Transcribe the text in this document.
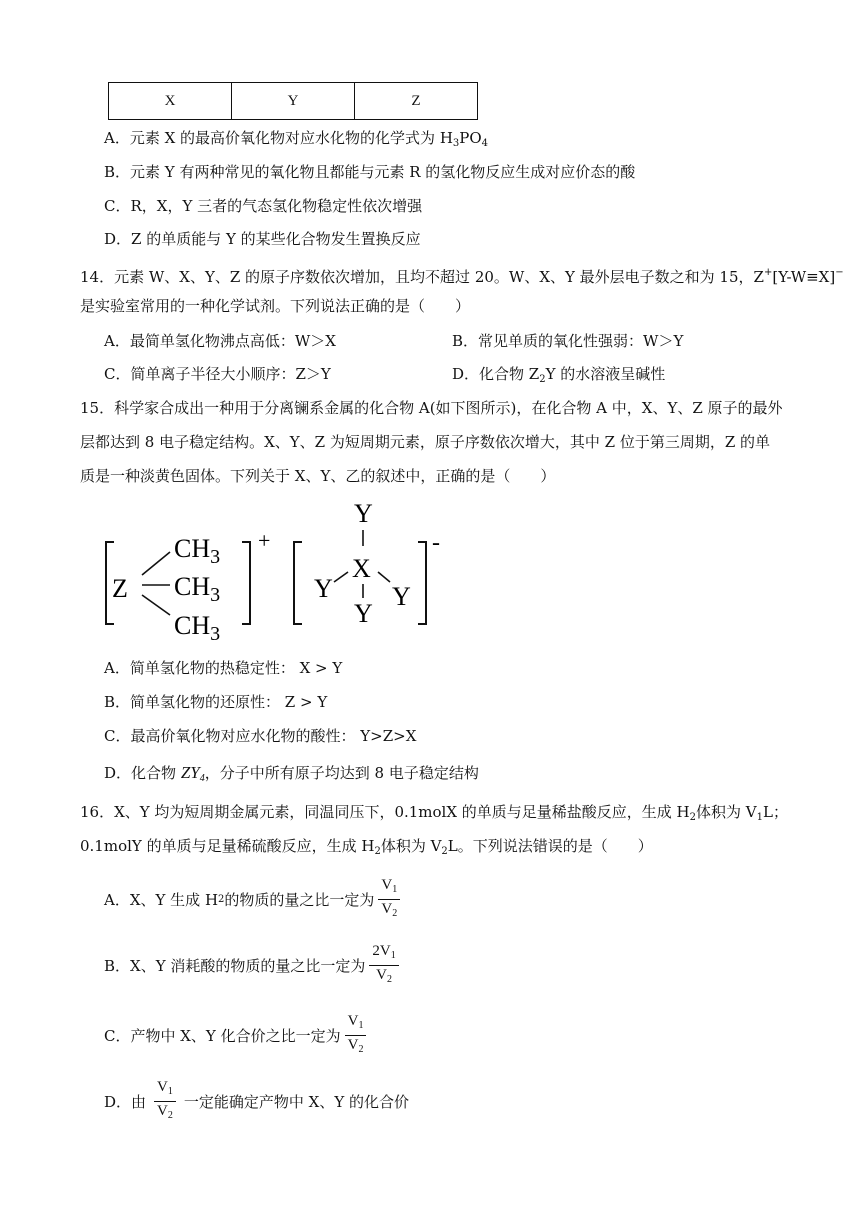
X	Y	Z
A．元素 X 的最高价氧化物对应水化物的化学式为 $H_3PO_4$
B．元素 Y 有两种常见的氧化物且都能与元素 R 的氢化物反应生成对应价态的酸
C．R，X，Y 三者的气态氢化物稳定性依次增强
D．Z 的单质能与 Y 的某些化合物发生置换反应
14．元素 W、X、Y、Z 的原子序数依次增加，且均不超过 20。W、X、Y 最外层电子数之和为 15，Z+[Y-W≡X]−
是实验室常用的一种化学试剂。下列说法正确的是（　　）
A．最简单氢化物沸点高低：W＞X	B．常见单质的氧化性强弱：W＞Y
C．简单离子半径大小顺序：Z＞Y	D．化合物 $Z_2Y$ 的水溶液呈碱性
15．科学家合成出一种用于分离镧系金属的化合物 A(如下图所示)，在化合物 A 中，X、Y、Z 原子的最外
层都达到 8 电子稳定结构。X、Y、Z 为短周期元素，原子序数依次增大，其中 Z 位于第三周期，Z 的单
质是一种淡黄色固体。下列关于 X、Y、乙的叙述中，正确的是（　　）
Z
$CH_3$
$CH_3$
$CH_3$
+
Y
X
Y Y
Y
-
A．简单氢化物的热稳定性： X > Y
B．简单氢化物的还原性： Z > Y
C．最高价氧化物对应水化物的酸性： Y>Z>X
D．化合物 $ZY_4$，分子中所有原子均达到 8 电子稳定结构
16．X、Y 均为短周期金属元素，同温同压下，0.1molX 的单质与足量稀盐酸反应，生成 $H_2$体积为 $V_1L$；
0.1molY 的单质与足量稀硫酸反应，生成 $H_2$体积为 $V_2L$。下列说法错误的是（　　）
A．X、Y 生成 H 2 的物质的量之比一定为 $\frac{V_1}{V_2}$
B．X、Y 消耗酸的物质的量之比一定为 $\frac{2V_1}{V_2}$
C．产物中 X、Y 化合价之比一定为 $\frac{V_1}{V_2}$
D．由 $\frac{V_1}{V_2}$ 一定能确定产物中 X、Y 的化合价
